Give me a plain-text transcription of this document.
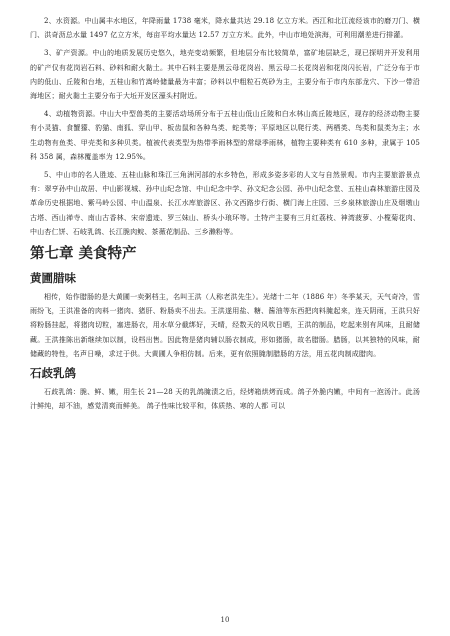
2、水资源。中山属丰水地区，年降雨量 1738 毫米，降水量共达 29.18 亿立方米。西江和北江流经该市的磨刀门、横门、洪奇沥总水量 1497 亿立方米，每亩平均水量达 12.57 万立方米。此外，中山市地处滨海，可利用潮差进行排灌。

3、矿产资源。中山的地质发展历史悠久，地壳变动频繁，但地层分布比较简单，富矿地层缺乏，现已探明并开发利用的矿产仅有花岗岩石料、砂料和耐火黏土。其中石料主要是黑云母花岗岩、黑云母二长花岗岩和花岗闪长岩，广泛分布于市内的低山、丘陵和台地，五桂山和竹嵩岭储量最为丰富；砂料以中粗粒石英砂为主，主要分布于市内东部龙穴、下沙一带沿海地区；耐火黏土主要分布于大坵开发区濠头村附近。

4、动植物资源。中山大中型兽类的主要活动场所分布于五桂山低山丘陵和白水林山高丘陵地区，现存的经济动物主要有小灵猫、食蟹獴、豹猫、南狐、穿山甲、板齿鼠和各种鸟类、蛇类等；平原地区以爬行类、两栖类、鸟类和鼠类为主；水生动物有鱼类、甲壳类和多种贝类。植被代表类型为热带季雨林型的常绿季雨林，植物主要种类有 610 多种，隶属于 105 科 358 属，森林覆盖率为 12.95%。

5、中山市的名人胜迹、五桂山脉和珠江三角洲河部的水乡特色，形成多姿多彩的人文与自然景观。市内主要旅游景点有：翠亨孙中山故居、中山影视城、孙中山纪念馆、中山纪念中学、孙文纪念公园、孙中山纪念堂、五桂山森林旅游庄园及革命历史根据地、紫马岭公园、中山温泉、长江水库旅游区、孙文西路步行街、横门海上庄园、三乡泉林旅游山庄及烟墩山古塔、西山禅寺、南山古香林、宋帝遗迹、罗三妹山、桥头小琅环等。土特产主要有三月红荔枝、神湾菠萝、小榄菊花肉、中山杏仁饼、石岐乳鸽、长江脆肉鲩、茶薇花制品、三乡濑粉等。

第七章 美食特产
黄圃腊味

相传，始作腊肠的是大黄圃一卖粥档主，名叫王洪（人称老洪先生）。光绪十二年（1886 年）冬季某天，天气奇冷，雪雨纷飞，王洪准备的肉料一猪肉、猪肝、粉肠卖不出去。王洪遂用盐、糖、酱油等东西把肉料腌起来，连天阴雨，王洪只好将粉肠挂起，将猪肉切粒，塞进肠衣，用水草分截绑好，天晴，经数天的风吹日晒，王洪的制品，吃起来别有风味，且耐储藏。王洪推陈出新继续加以制，设档出售。因此物是猪肉辅以肠衣制成，形如猪肠，故名腊肠。腊肠，以其独特的风味，耐储藏的特性，名声日噪，求过于供。大黄圃人争相仿制。后来，更有依照腌制腊肠的方法，用五花肉制成腊肉。

石歧乳鸽

石歧乳鸽：脆、鲜、嫩，用生长 21—28 天的乳鸽腌渍之后，经烤箱烘烤而成。鸽子外脆内嫩，中间有一泡汤汁。此汤汁鲜纯，却不油，感觉清爽而鲜美。 鸽子性味比较平和，体质热、寒的人都 可以

10
